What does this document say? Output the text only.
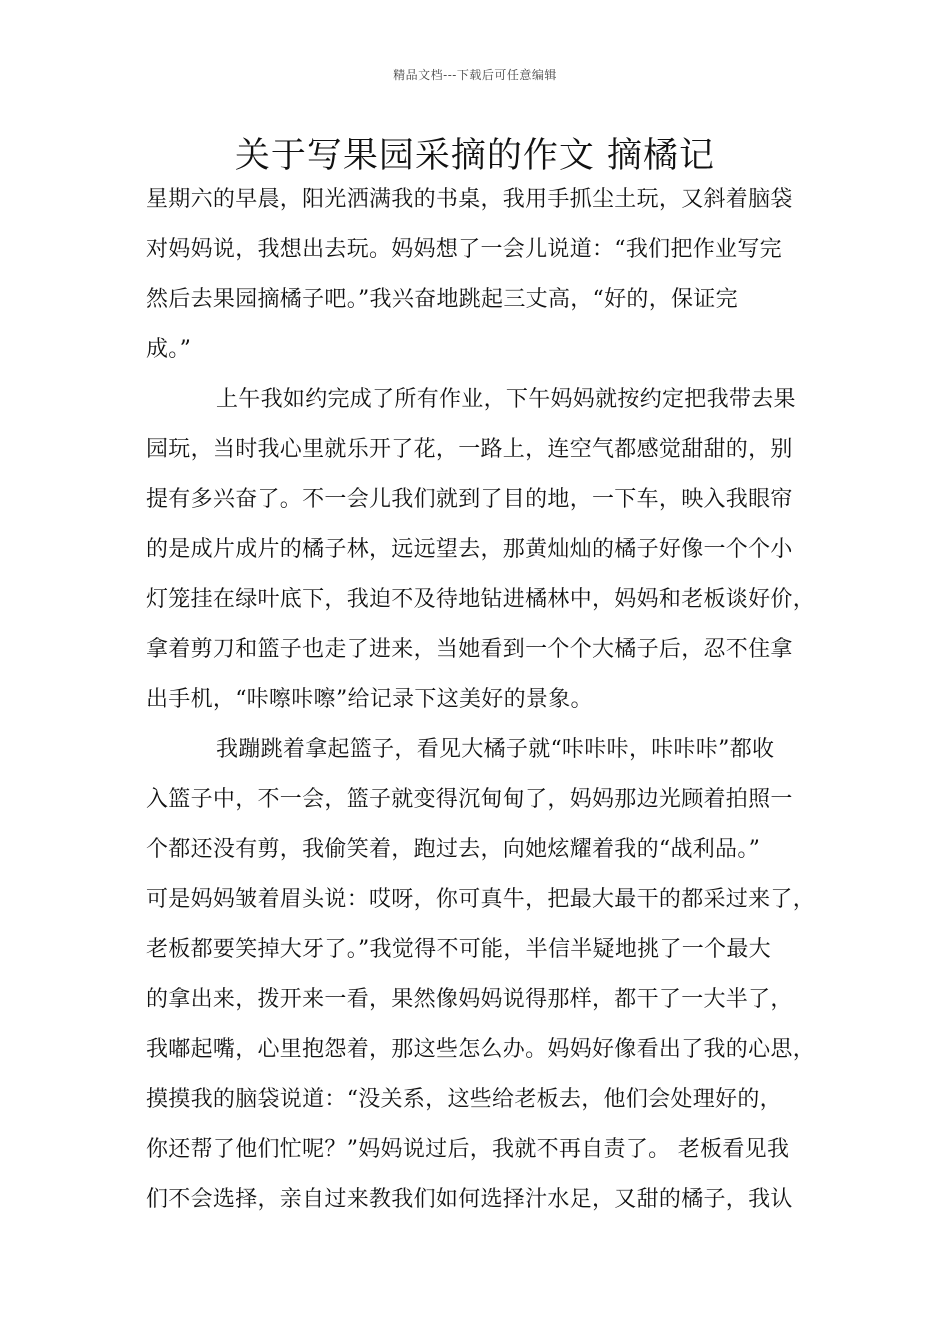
精品文档---下载后可任意编辑
关于写果园采摘的作文 摘橘记
星期六的早晨，阳光洒满我的书桌，我用手抓尘土玩，又斜着脑袋
对妈妈说，我想出去玩。妈妈想了一会儿说道：“我们把作业写完
然后去果园摘橘子吧。”我兴奋地跳起三丈高，“好的，保证完
成。”
上午我如约完成了所有作业，下午妈妈就按约定把我带去果
园玩，当时我心里就乐开了花，一路上，连空气都感觉甜甜的，别
提有多兴奋了。不一会儿我们就到了目的地，一下车，映入我眼帘
的是成片成片的橘子林，远远望去，那黄灿灿的橘子好像一个个小
灯笼挂在绿叶底下，我迫不及待地钻进橘林中，妈妈和老板谈好价，
拿着剪刀和篮子也走了进来，当她看到一个个大橘子后，忍不住拿
出手机，“咔嚓咔嚓”给记录下这美好的景象。
我蹦跳着拿起篮子，看见大橘子就“咔咔咔，咔咔咔”都收
入篮子中，不一会，篮子就变得沉甸甸了，妈妈那边光顾着拍照一
个都还没有剪，我偷笑着，跑过去，向她炫耀着我的“战利品。”
可是妈妈皱着眉头说：哎呀，你可真牛，把最大最干的都采过来了，
老板都要笑掉大牙了。”我觉得不可能，半信半疑地挑了一个最大
的拿出来，拨开来一看，果然像妈妈说得那样，都干了一大半了，
我嘟起嘴，心里抱怨着，那这些怎么办。妈妈好像看出了我的心思，
摸摸我的脑袋说道：“没关系，这些给老板去，他们会处理好的，
你还帮了他们忙呢？”妈妈说过后，我就不再自责了。 老板看见我
们不会选择，亲自过来教我们如何选择汁水足，又甜的橘子，我认
